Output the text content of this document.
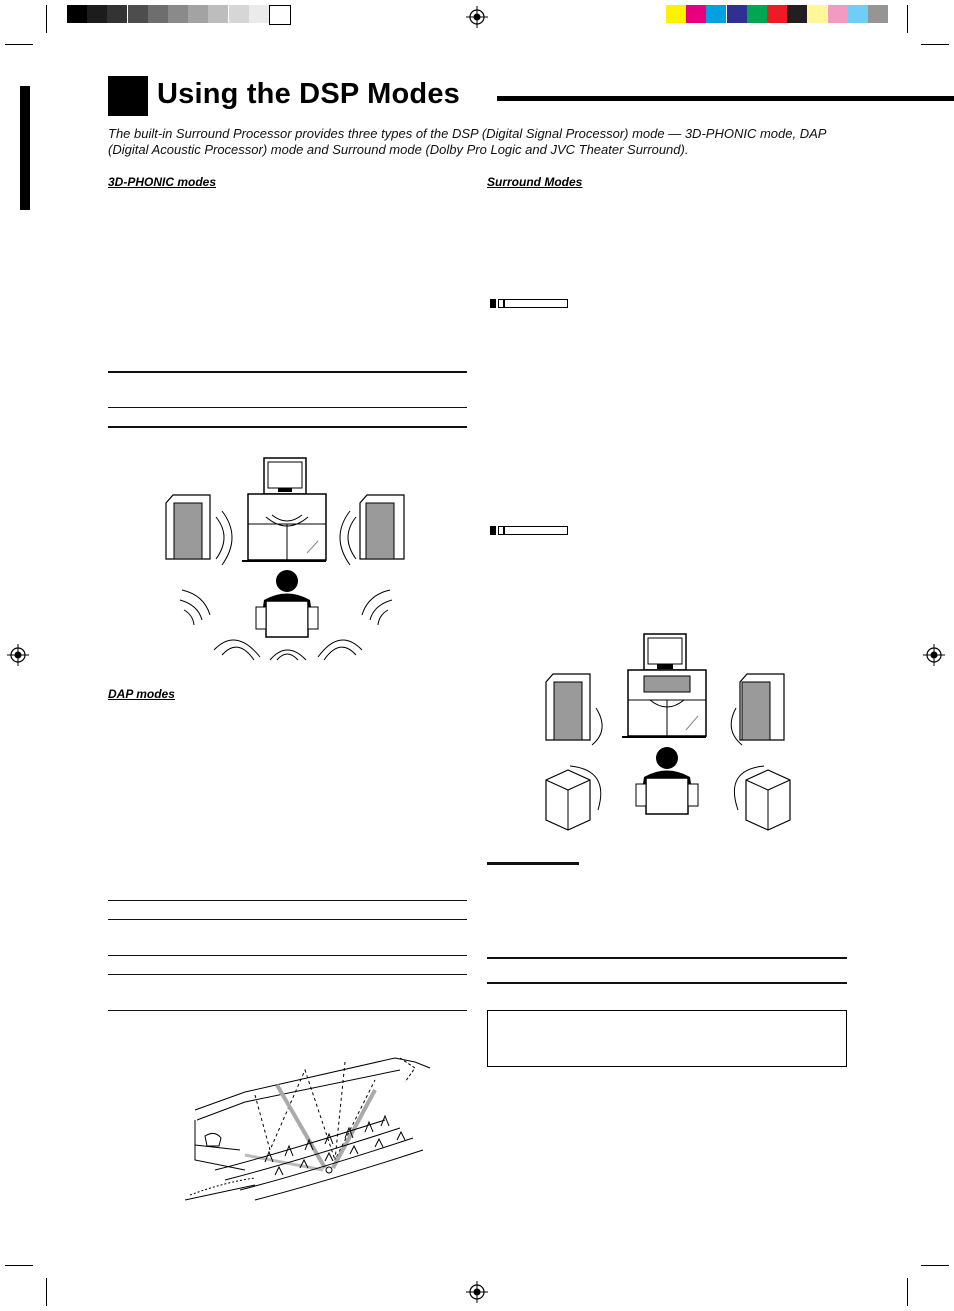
Using the DSP Modes

The built-in Surround Processor provides three types of the DSP (Digital Signal Processor) mode — 3D-PHONIC mode, DAP (Digital Acoustic Processor) mode and Surround mode (Dolby Pro Logic and JVC Theater Surround).

3D-PHONIC modes	Surround Modes
DAP modes
